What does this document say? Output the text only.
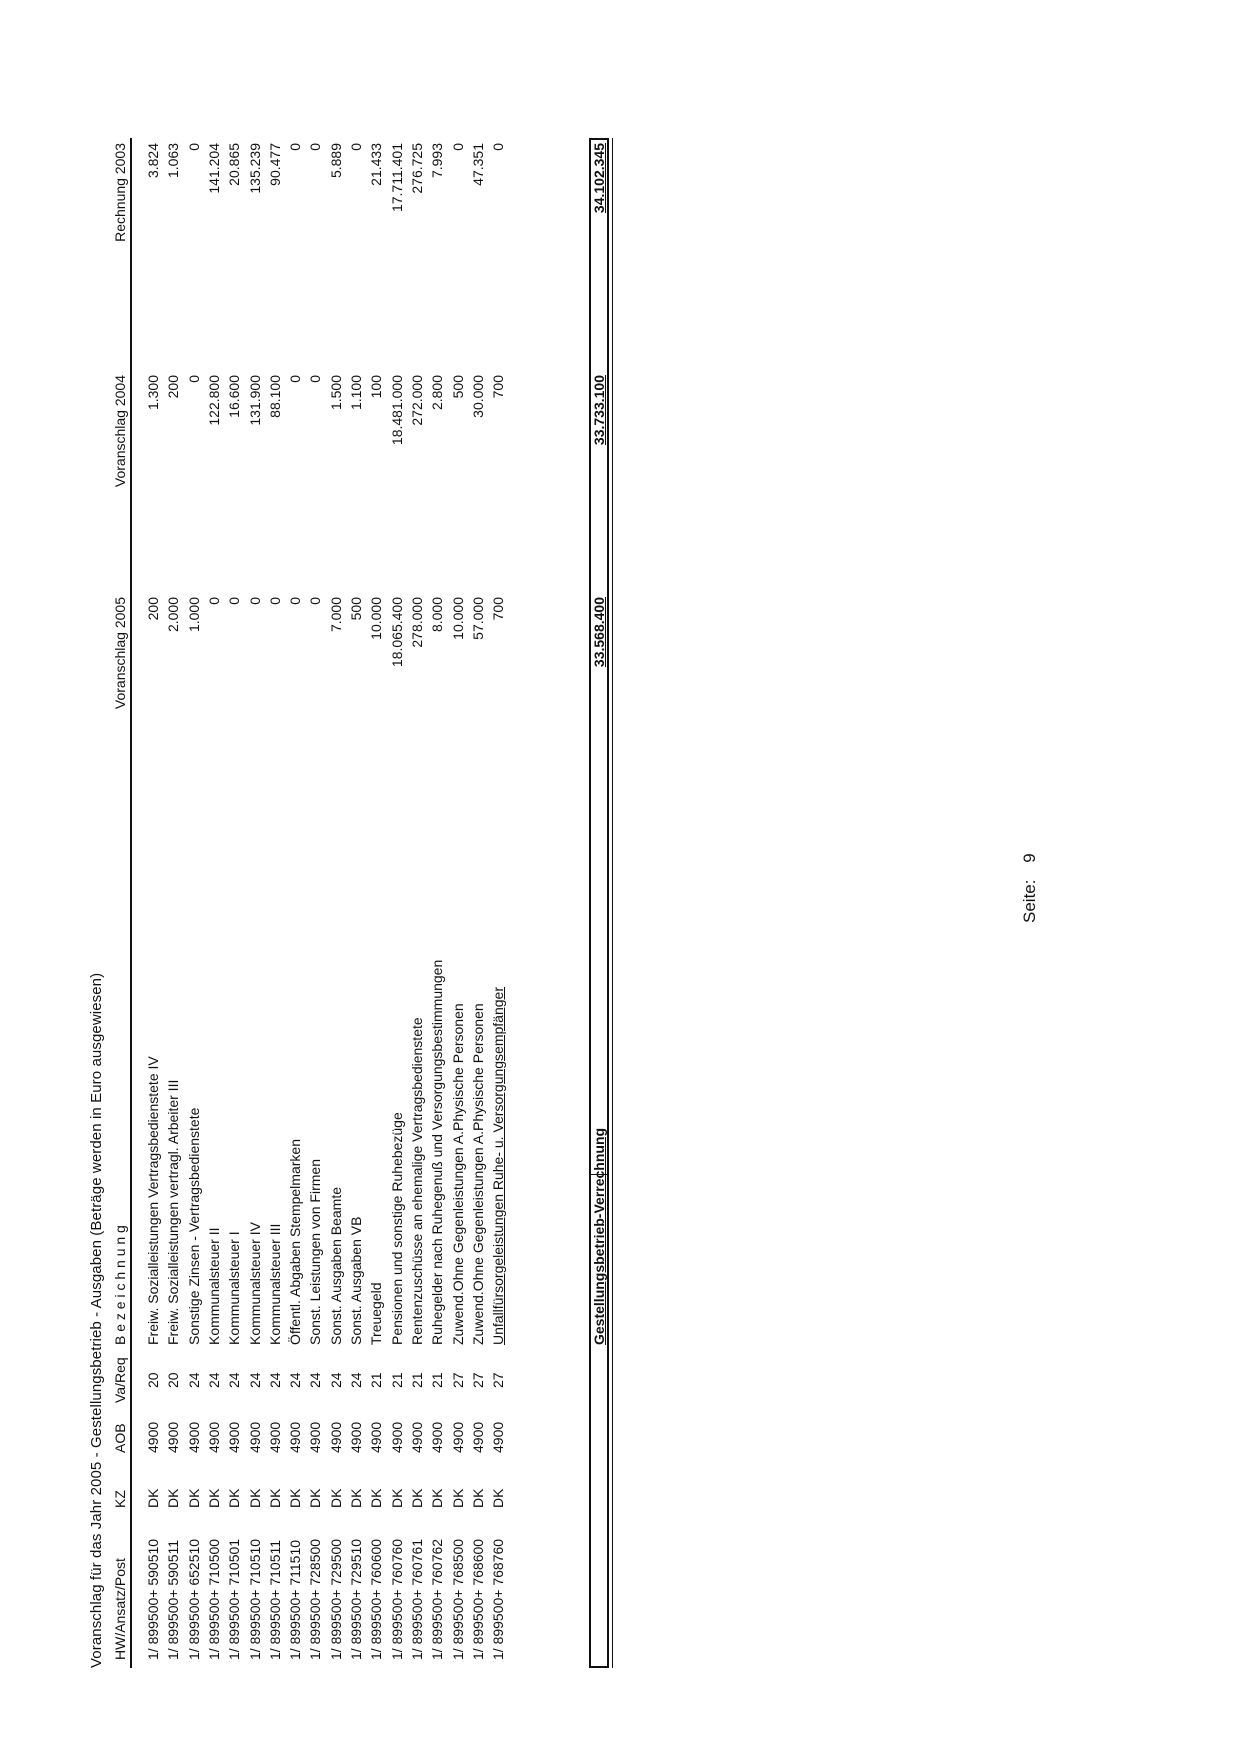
Voranschlag für das Jahr 2005 - Gestellungsbetrieb - Ausgaben (Beträge werden in Euro ausgewiesen) HW/Ansatz/Post
KZ
AOB
Va/Req
B e z e i c h n u n g
Voranschlag 2005
Voranschlag 2004
Rechnung 2003
1/ 899500+ 590510
DK
4900
20
Freiw. Sozialleistungen Vertragsbedienstete IV
200
1.300
3.824
1/ 899500+ 590511
DK
4900
20
Freiw. Sozialleistungen vertragl. Arbeiter III
2.000
200
1.063
1/ 899500+ 652510
DK
4900
24
Sonstige Zinsen - Vertragsbedienstete
1.000
0
0
1/ 899500+ 710500
DK
4900
24
Kommunalsteuer II
0
122.800
141.204
1/ 899500+ 710501
DK
4900
24
Kommunalsteuer I
0
16.600
20.865
1/ 899500+ 710510
DK
4900
24
Kommunalsteuer IV
0
131.900
135.239
1/ 899500+ 710511
DK
4900
24
Kommunalsteuer III
0
88.100
90.477
1/ 899500+ 711510
DK
4900
24
Öffentl. Abgaben Stempelmarken
0
0
0
1/ 899500+ 728500
DK
4900
24
Sonst. Leistungen von Firmen
0
0
0
1/ 899500+ 729500
DK
4900
24
Sonst. Ausgaben Beamte
7.000
1.500
5.889
1/ 899500+ 729510
DK
4900
24
Sonst. Ausgaben VB
500
1.100
0
1/ 899500+ 760600
DK
4900
21
Treuegeld
10.000
100
21.433
1/ 899500+ 760760
DK
4900
21
Pensionen und sonstige Ruhebezüge
18.065.400
18.481.000
17.711.401
1/ 899500+ 760761
DK
4900
21
Rentenzuschüsse an ehemalige Vertragsbedienstete
278.000
272.000
276.725
1/ 899500+ 760762
DK
4900
21
Ruhegelder nach Ruhegenuß und Versorgungsbestimmungen
8.000
2.800
7.993
1/ 899500+ 768500
DK
4900
27
Zuwend.Ohne Gegenleistungen A.Physische Personen
10.000
500
0
1/ 899500+ 768600
DK
4900
27
Zuwend.Ohne Gegenleistungen A.Physische Personen
57.000
30.000
47.351
1/ 899500+ 768760
DK
4900
27
Unfallfürsorgeleistungen Ruhe- u. Versorgungsempfänger
700
700
0
Gestellungsbetrieb-Verrechnung
33.568.400
33.733.100
34.102.345
Seite: 9
